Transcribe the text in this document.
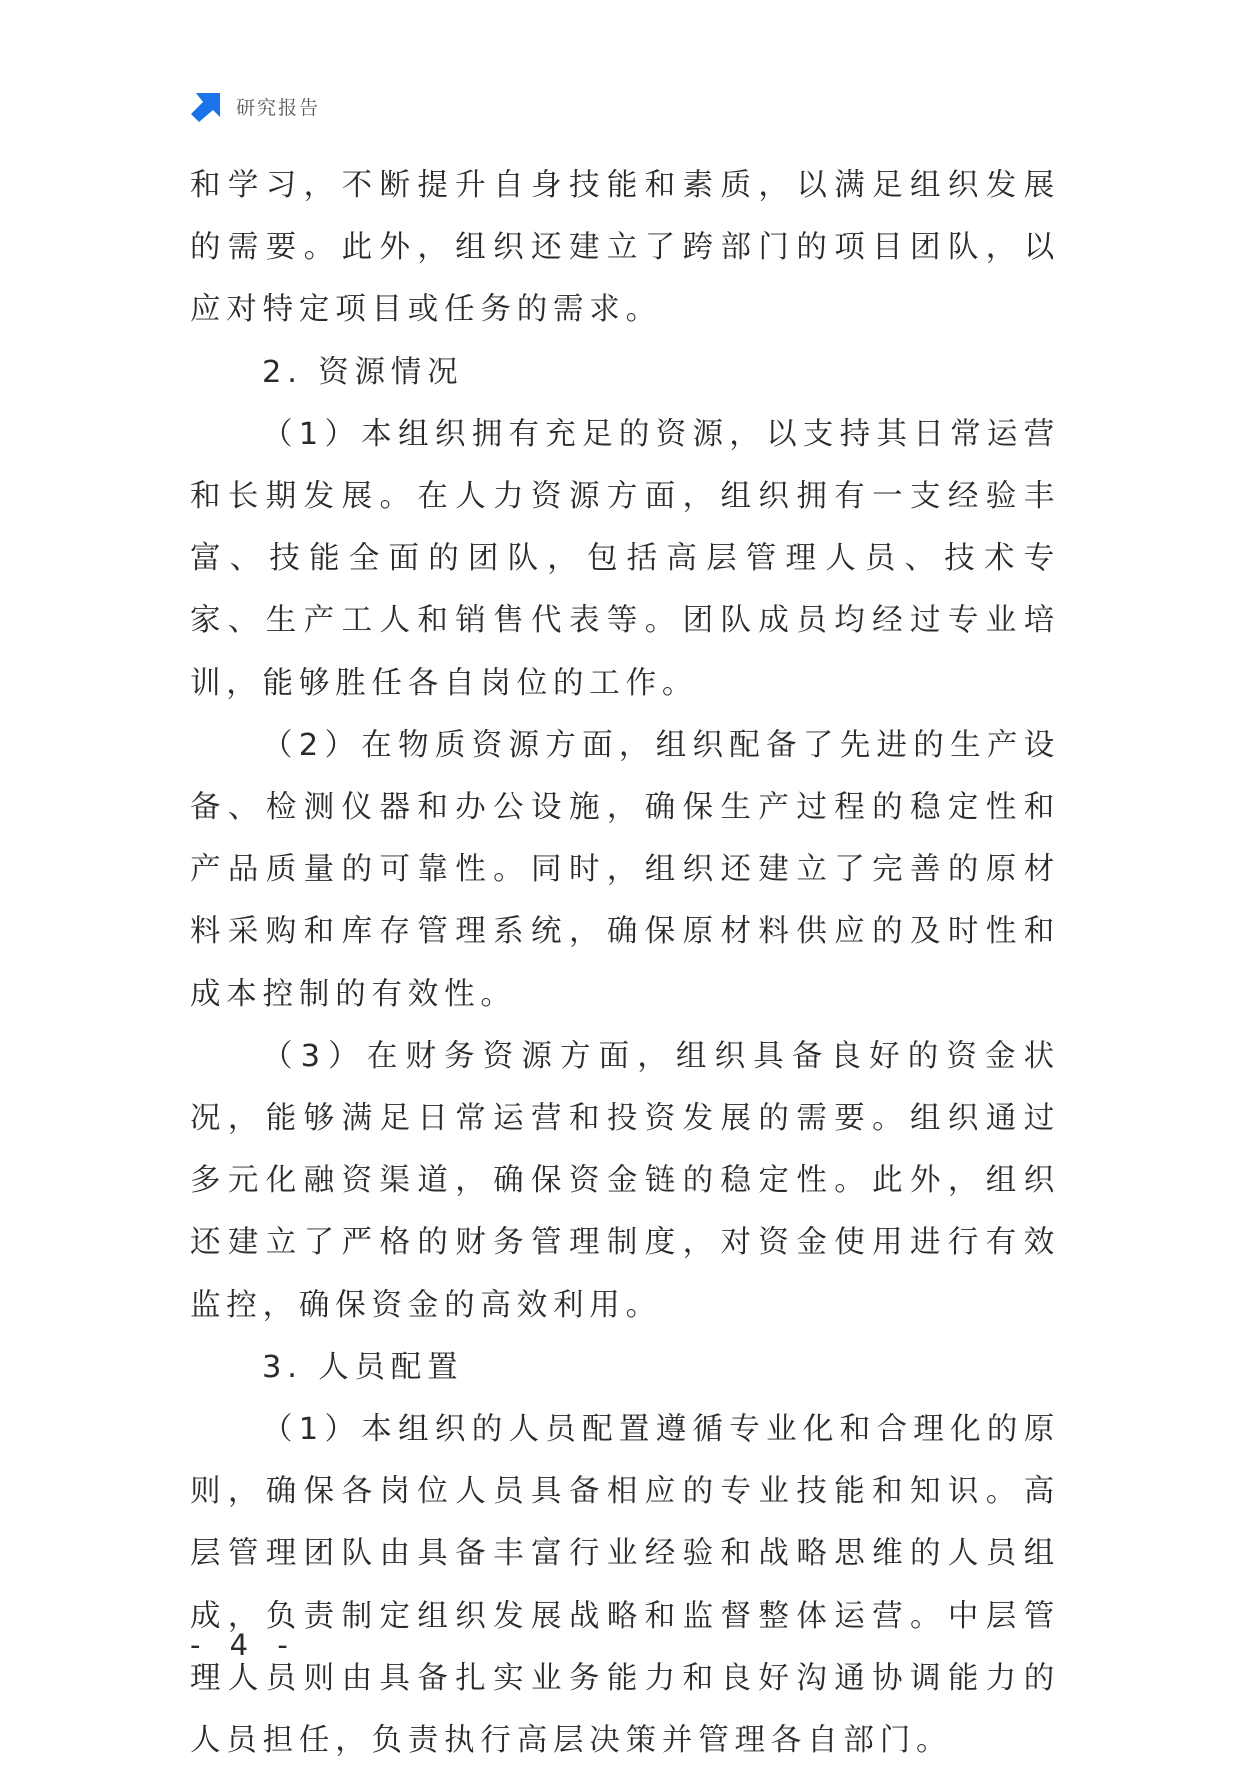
研究报告

和学习，不断提升自身技能和素质，以满足组织发展的需要。此外，组织还建立了跨部门的项目团队，以应对特定项目或任务的需求。

2. 资源情况

（1）本组织拥有充足的资源，以支持其日常运营和长期发展。在人力资源方面，组织拥有一支经验丰富、技能全面的团队，包括高层管理人员、技术专家、生产工人和销售代表等。团队成员均经过专业培训，能够胜任各自岗位的工作。

（2）在物质资源方面，组织配备了先进的生产设备、检测仪器和办公设施，确保生产过程的稳定性和产品质量的可靠性。同时，组织还建立了完善的原材料采购和库存管理系统，确保原材料供应的及时性和成本控制的有效性。

（3）在财务资源方面，组织具备良好的资金状况，能够满足日常运营和投资发展的需要。组织通过多元化融资渠道，确保资金链的稳定性。此外，组织还建立了严格的财务管理制度，对资金使用进行有效监控，确保资金的高效利用。

3. 人员配置

（1）本组织的人员配置遵循专业化和合理化的原则，确保各岗位人员具备相应的专业技能和知识。高层管理团队由具备丰富行业经验和战略思维的人员组成，负责制定组织发展战略和监督整体运营。中层管理人员则由具备扎实业务能力和良好沟通协调能力的人员担任，负责执行高层决策并管理各自部门。

- 4 -
